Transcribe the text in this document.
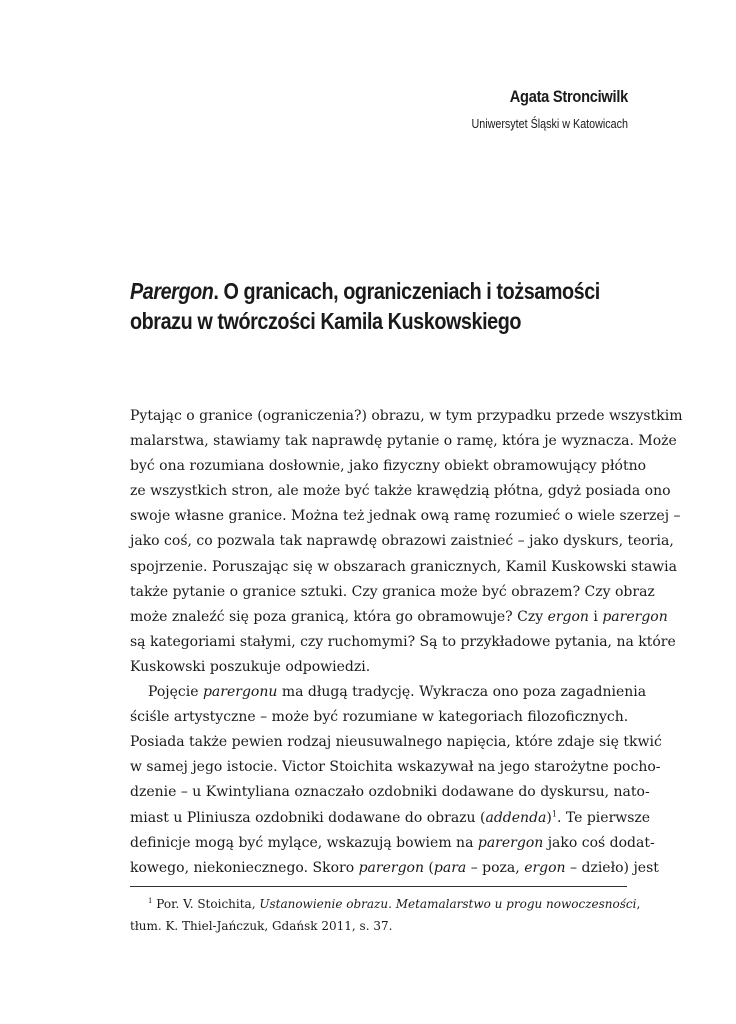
Agata Stronciwilk
Uniwersytet Śląski w Katowicach
Parergon. O granicach, ograniczeniach i tożsamości
obrazu w twórczości Kamila Kuskowskiego
Pytając o granice (ograniczenia?) obrazu, w tym przypadku przede wszystkim
malarstwa, stawiamy tak naprawdę pytanie o ramę, która je wyznacza. Może
być ona rozumiana dosłownie, jako fizyczny obiekt obramowujący płótno
ze wszystkich stron, ale może być także krawędzią płótna, gdyż posiada ono
swoje własne granice. Można też jednak ową ramę rozumieć o wiele szerzej –
jako coś, co pozwala tak naprawdę obrazowi zaistnieć – jako dyskurs, teoria,
spojrzenie. Poruszając się w obszarach granicznych, Kamil Kuskowski stawia
także pytanie o granice sztuki. Czy granica może być obrazem? Czy obraz
może znaleźć się poza granicą, która go obramowuje? Czy ergon i parergon
są kategoriami stałymi, czy ruchomymi? Są to przykładowe pytania, na które
Kuskowski poszukuje odpowiedzi.
Pojęcie parergonu ma długą tradycję. Wykracza ono poza zagadnienia
ściśle artystyczne – może być rozumiane w kategoriach filozoficznych.
Posiada także pewien rodzaj nieusuwalnego napięcia, które zdaje się tkwić
w samej jego istocie. Victor Stoichita wskazywał na jego starożytne pocho-
dzenie – u Kwintyliana oznaczało ozdobniki dodawane do dyskursu, nato-
miast u Pliniusza ozdobniki dodawane do obrazu (addenda)$^1$. Te pierwsze
definicje mogą być mylące, wskazują bowiem na parergon jako coś dodat-
kowego, niekoniecznego. Skoro parergon (para – poza, ergon – dzieło) jest
$^1$ Por. V. Stoichita, Ustanowienie obrazu. Metamalarstwo u progu nowoczesności,
tłum. K. Thiel-Jańczuk, Gdańsk 2011, s. 37.
